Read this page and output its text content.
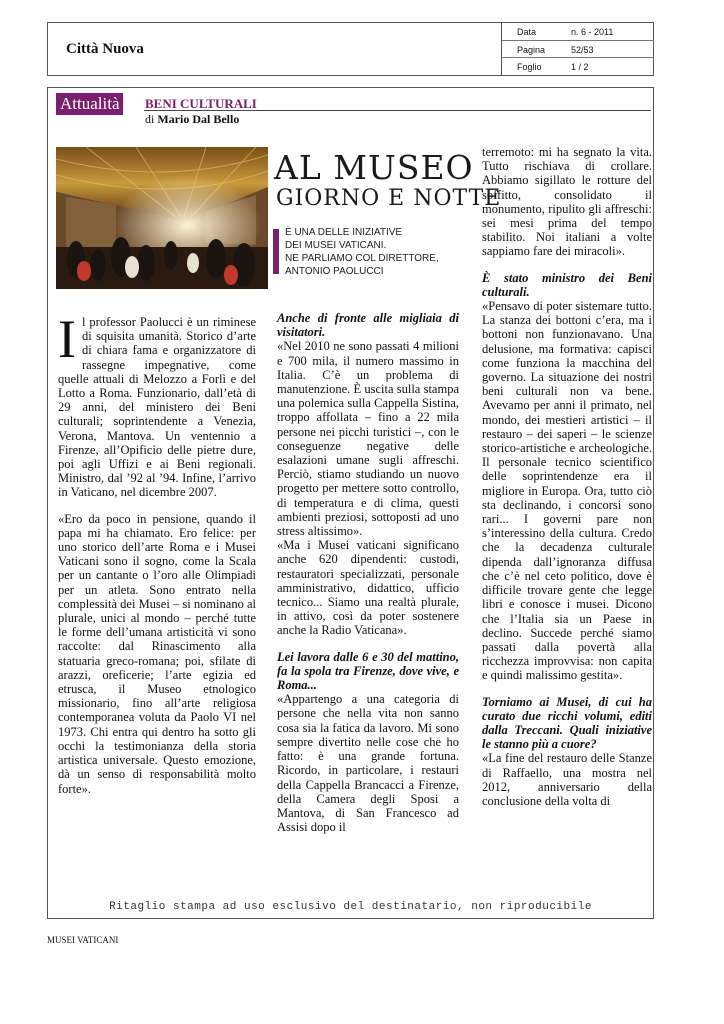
Città Nuova
Data	n. 6 - 2011
Pagina	52/53
Foglio	1 / 2
Attualità	BENI CULTURALI
di Mario Dal Bello
AL MUSEO
GIORNO E NOTTE
È UNA DELLE INIZIATIVE
DEI MUSEI VATICANI.
NE PARLIAMO COL DIRETTORE,
ANTONIO PAOLUCCI
I l professor Paolucci è un riminese di squisita umanità. Storico d’arte di chiara fama e organizzatore di rassegne impegnative, come quelle attuali di Melozzo a Forlì e del Lotto a Roma. Funzionario, dall’età di 29 anni, del ministero dei Beni culturali; soprintendente a Venezia, Verona, Mantova. Un ventennio a Firenze, all’Opificio delle pietre dure, poi agli Uffizi e ai Beni regionali. Ministro, dal ’92 al ’94. Infine, l’arrivo in Vaticano, nel dicembre 2007.

«Ero da poco in pensione, quando il papa mi ha chiamato. Ero felice: per uno storico dell’arte Roma e i Musei Vaticani sono il sogno, come la Scala per un cantante o l’oro alle Olimpiadi per un atleta. Sono entrato nella complessità dei Musei – si nominano al plurale, unici al mondo – perché tutte le forme dell’umana artisticità vi sono raccolte: dal Rinascimento alla statuaria greco-romana; poi, sfilate di arazzi, oreficerie; l’arte egizia ed etrusca, il Museo etnologico missionario, fino all’arte religiosa contemporanea voluta da Paolo VI nel 1973. Chi entra qui dentro ha sotto gli occhi la testimonianza della storia artistica universale. Questo emozione, dà un senso di responsabilità molto forte».

Anche di fronte alle migliaia di visitatori.

«Nel 2010 ne sono passati 4 milioni e 700 mila, il numero massimo in Italia. C’è un problema di manutenzione. È uscita sulla stampa una polemica sulla Cappella Sistina, troppo affollata – fino a 22 mila persone nei picchi turistici –, con le conseguenze negative delle esalazioni umane sugli affreschi. Perciò, stiamo studiando un nuovo progetto per mettere sotto controllo, di temperatura e di clima, questi ambienti preziosi, sottoposti ad uno stress altissimo».

«Ma i Musei vaticani significano anche 620 dipendenti: custodi, restauratori specializzati, personale amministrativo, didattico, ufficio tecnico... Siamo una realtà plurale, in attivo, così da poter sostenere anche la Radio Vaticana».

Lei lavora dalle 6 e 30 del mattino, fa la spola tra Firenze, dove vive, e Roma...

«Appartengo a una categoria di persone che nella vita non sanno cosa sia la fatica da lavoro. Mi sono sempre divertito nelle cose che ho fatto: è una grande fortuna. Ricordo, in particolare, i restauri della Cappella Brancacci a Firenze, della Camera degli Sposi a Mantova, di San Francesco ad Assisi dopo il

terremoto: mi ha segnato la vita. Tutto rischiava di crollare. Abbiamo sigillato le rotture del soffitto, consolidato il monumento, ripulito gli affreschi: sei mesi prima del tempo stabilito. Noi italiani a volte sappiamo fare dei miracoli».

È stato ministro dei Beni culturali.

«Pensavo di poter sistemare tutto. La stanza dei bottoni c’era, ma i bottoni non funzionavano. Una delusione, ma formativa: capisci come funziona la macchina del governo. La situazione dei nostri beni culturali non va bene. Avevamo per anni il primato, nel mondo, dei mestieri artistici – il restauro – dei saperi – le scienze storico-artistiche e archeologiche. Il personale tecnico scientifico delle soprintendenze era il migliore in Europa. Ora, tutto ciò sta declinando, i concorsi sono rari... I governi pare non s’interessino della cultura. Credo che la decadenza culturale dipenda dall’ignoranza diffusa che c’è nel ceto politico, dove è difficile trovare gente che legge libri e conosce i musei. Dicono che l’Italia sia un Paese in declino. Succede perché siamo passati dalla povertà alla ricchezza improvvisa: non capita e quindi malissimo gestita».

Torniamo ai Musei, di cui ha curato due ricchi volumi, editi dalla Treccani. Quali iniziative le stanno più a cuore?

«La fine del restauro delle Stanze di Raffaello, una mostra nel 2012, anniversario della conclusione della volta di

Ritaglio stampa ad uso esclusivo del destinatario, non riproducibile
MUSEI VATICANI
